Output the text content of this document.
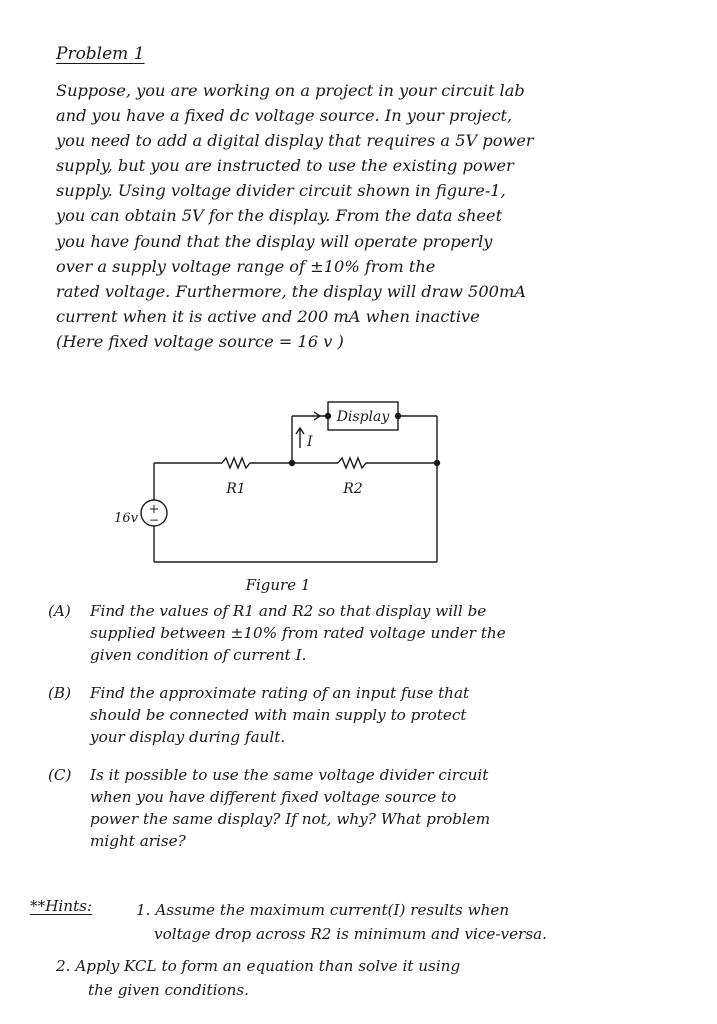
Problem 1
Suppose, you are working on a project in your circuit lab
and you have a fixed dc voltage source. In your project,
you need to add a digital display that requires a 5V power
supply, but you are instructed to use the existing power
supply. Using voltage divider circuit shown in figure-1,
you can obtain 5V for the display. From the data sheet
you have found that the display will operate properly
over a supply voltage range of ±10% from the
rated voltage. Furthermore, the display will draw 500mA
current when it is active and 200 mA when inactive
(Here fixed voltage source = 16 v )
Display
I
R1	R2
16v
+
−
Figure 1
(A) Find the values of R1 and R2 so that display will be
supplied between ±10% from rated voltage under the
given condition of current I.
(B) Find the approximate rating of an input fuse that
should be connected with main supply to protect
your display during fault.
(C) Is it possible to use the same voltage divider circuit
when you have different fixed voltage source to
power the same display? If not, why? What problem
might arise?
**Hints:	1. Assume the maximum current(I) results when
voltage drop across R2 is minimum and vice-versa.
2. Apply KCL to form an equation than solve it using
the given conditions.
